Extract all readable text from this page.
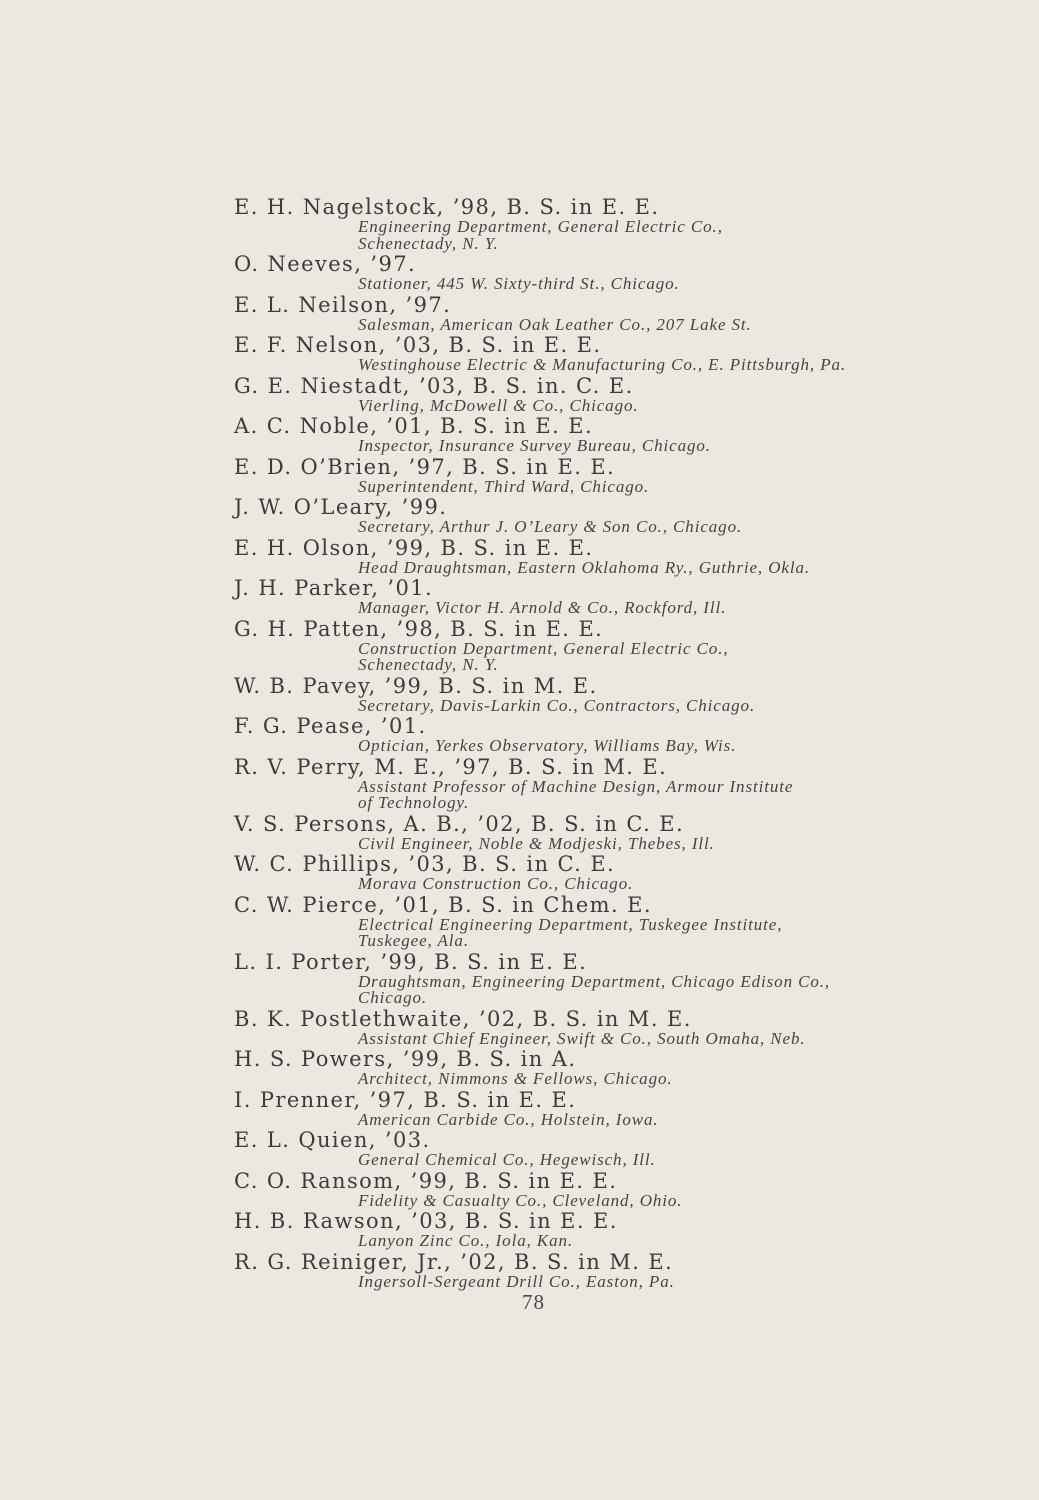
E. H. Nagelstock, ’98, B. S. in E. E.
Engineering Department, General Electric Co.,
Schenectady, N. Y.
O. Neeves, ’97.
Stationer, 445 W. Sixty-third St., Chicago.
E. L. Neilson, ’97.
Salesman, American Oak Leather Co., 207 Lake St.
E. F. Nelson, ’03, B. S. in E. E.
Westinghouse Electric & Manufacturing Co., E. Pittsburgh, Pa.
G. E. Niestadt, ’03, B. S. in. C. E.
Vierling, McDowell & Co., Chicago.
A. C. Noble, ’01, B. S. in E. E.
Inspector, Insurance Survey Bureau, Chicago.
E. D. O’Brien, ’97, B. S. in E. E.
Superintendent, Third Ward, Chicago.
J. W. O’Leary, ’99.
Secretary, Arthur J. O’Leary & Son Co., Chicago.
E. H. Olson, ’99, B. S. in E. E.
Head Draughtsman, Eastern Oklahoma Ry., Guthrie, Okla.
J. H. Parker, ’01.
Manager, Victor H. Arnold & Co., Rockford, Ill.
G. H. Patten, ’98, B. S. in E. E.
Construction Department, General Electric Co.,
Schenectady, N. Y.
W. B. Pavey, ’99, B. S. in M. E.
Secretary, Davis-Larkin Co., Contractors, Chicago.
F. G. Pease, ’01.
Optician, Yerkes Observatory, Williams Bay, Wis.
R. V. Perry, M. E., ’97, B. S. in M. E.
Assistant Professor of Machine Design, Armour Institute
of Technology.
V. S. Persons, A. B., ’02, B. S. in C. E.
Civil Engineer, Noble & Modjeski, Thebes, Ill.
W. C. Phillips, ’03, B. S. in C. E.
Morava Construction Co., Chicago.
C. W. Pierce, ’01, B. S. in Chem. E.
Electrical Engineering Department, Tuskegee Institute,
Tuskegee, Ala.
L. I. Porter, ’99, B. S. in E. E.
Draughtsman, Engineering Department, Chicago Edison Co.,
Chicago.
B. K. Postlethwaite, ’02, B. S. in M. E.
Assistant Chief Engineer, Swift & Co., South Omaha, Neb.
H. S. Powers, ’99, B. S. in A.
Architect, Nimmons & Fellows, Chicago.
I. Prenner, ’97, B. S. in E. E.
American Carbide Co., Holstein, Iowa.
E. L. Quien, ’03.
General Chemical Co., Hegewisch, Ill.
C. O. Ransom, ’99, B. S. in E. E.
Fidelity & Casualty Co., Cleveland, Ohio.
H. B. Rawson, ’03, B. S. in E. E.
Lanyon Zinc Co., Iola, Kan.
R. G. Reiniger, Jr., ’02, B. S. in M. E.
Ingersoll-Sergeant Drill Co., Easton, Pa.
78
